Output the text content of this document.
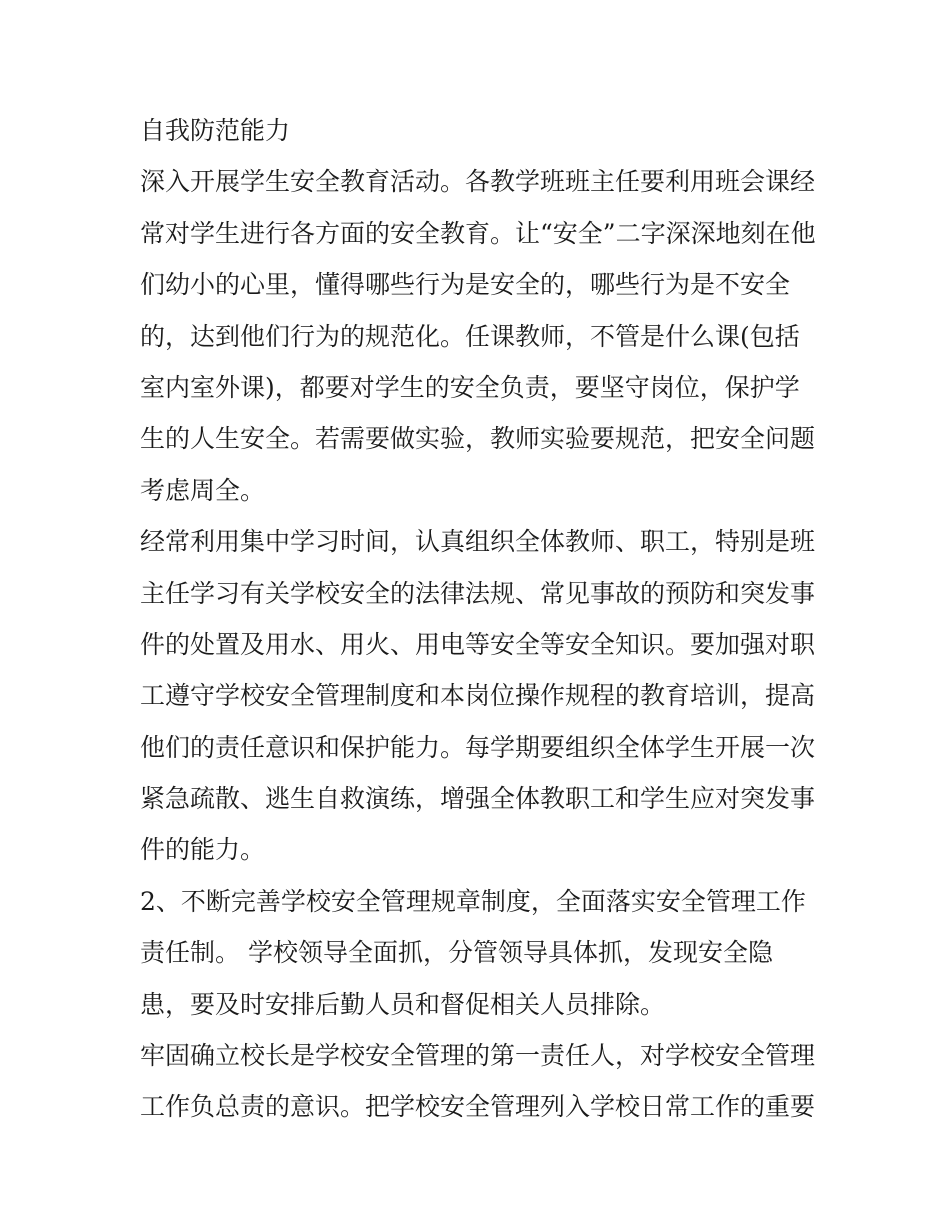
自我防范能力
深入开展学生安全教育活动。各教学班班主任要利用班会课经
常对学生进行各方面的安全教育。让“安全”二字深深地刻在他
们幼小的心里，懂得哪些行为是安全的，哪些行为是不安全
的，达到他们行为的规范化。任课教师，不管是什么课(包括
室内室外课)，都要对学生的安全负责，要坚守岗位，保护学
生的人生安全。若需要做实验，教师实验要规范，把安全问题
考虑周全。
经常利用集中学习时间，认真组织全体教师、职工，特别是班
主任学习有关学校安全的法律法规、常见事故的预防和突发事
件的处置及用水、用火、用电等安全等安全知识。要加强对职
工遵守学校安全管理制度和本岗位操作规程的教育培训，提高
他们的责任意识和保护能力。每学期要组织全体学生开展一次
紧急疏散、逃生自救演练，增强全体教职工和学生应对突发事
件的能力。
2、不断完善学校安全管理规章制度，全面落实安全管理工作
责任制。 学校领导全面抓，分管领导具体抓，发现安全隐
患，要及时安排后勤人员和督促相关人员排除。
牢固确立校长是学校安全管理的第一责任人，对学校安全管理
工作负总责的意识。把学校安全管理列入学校日常工作的重要
